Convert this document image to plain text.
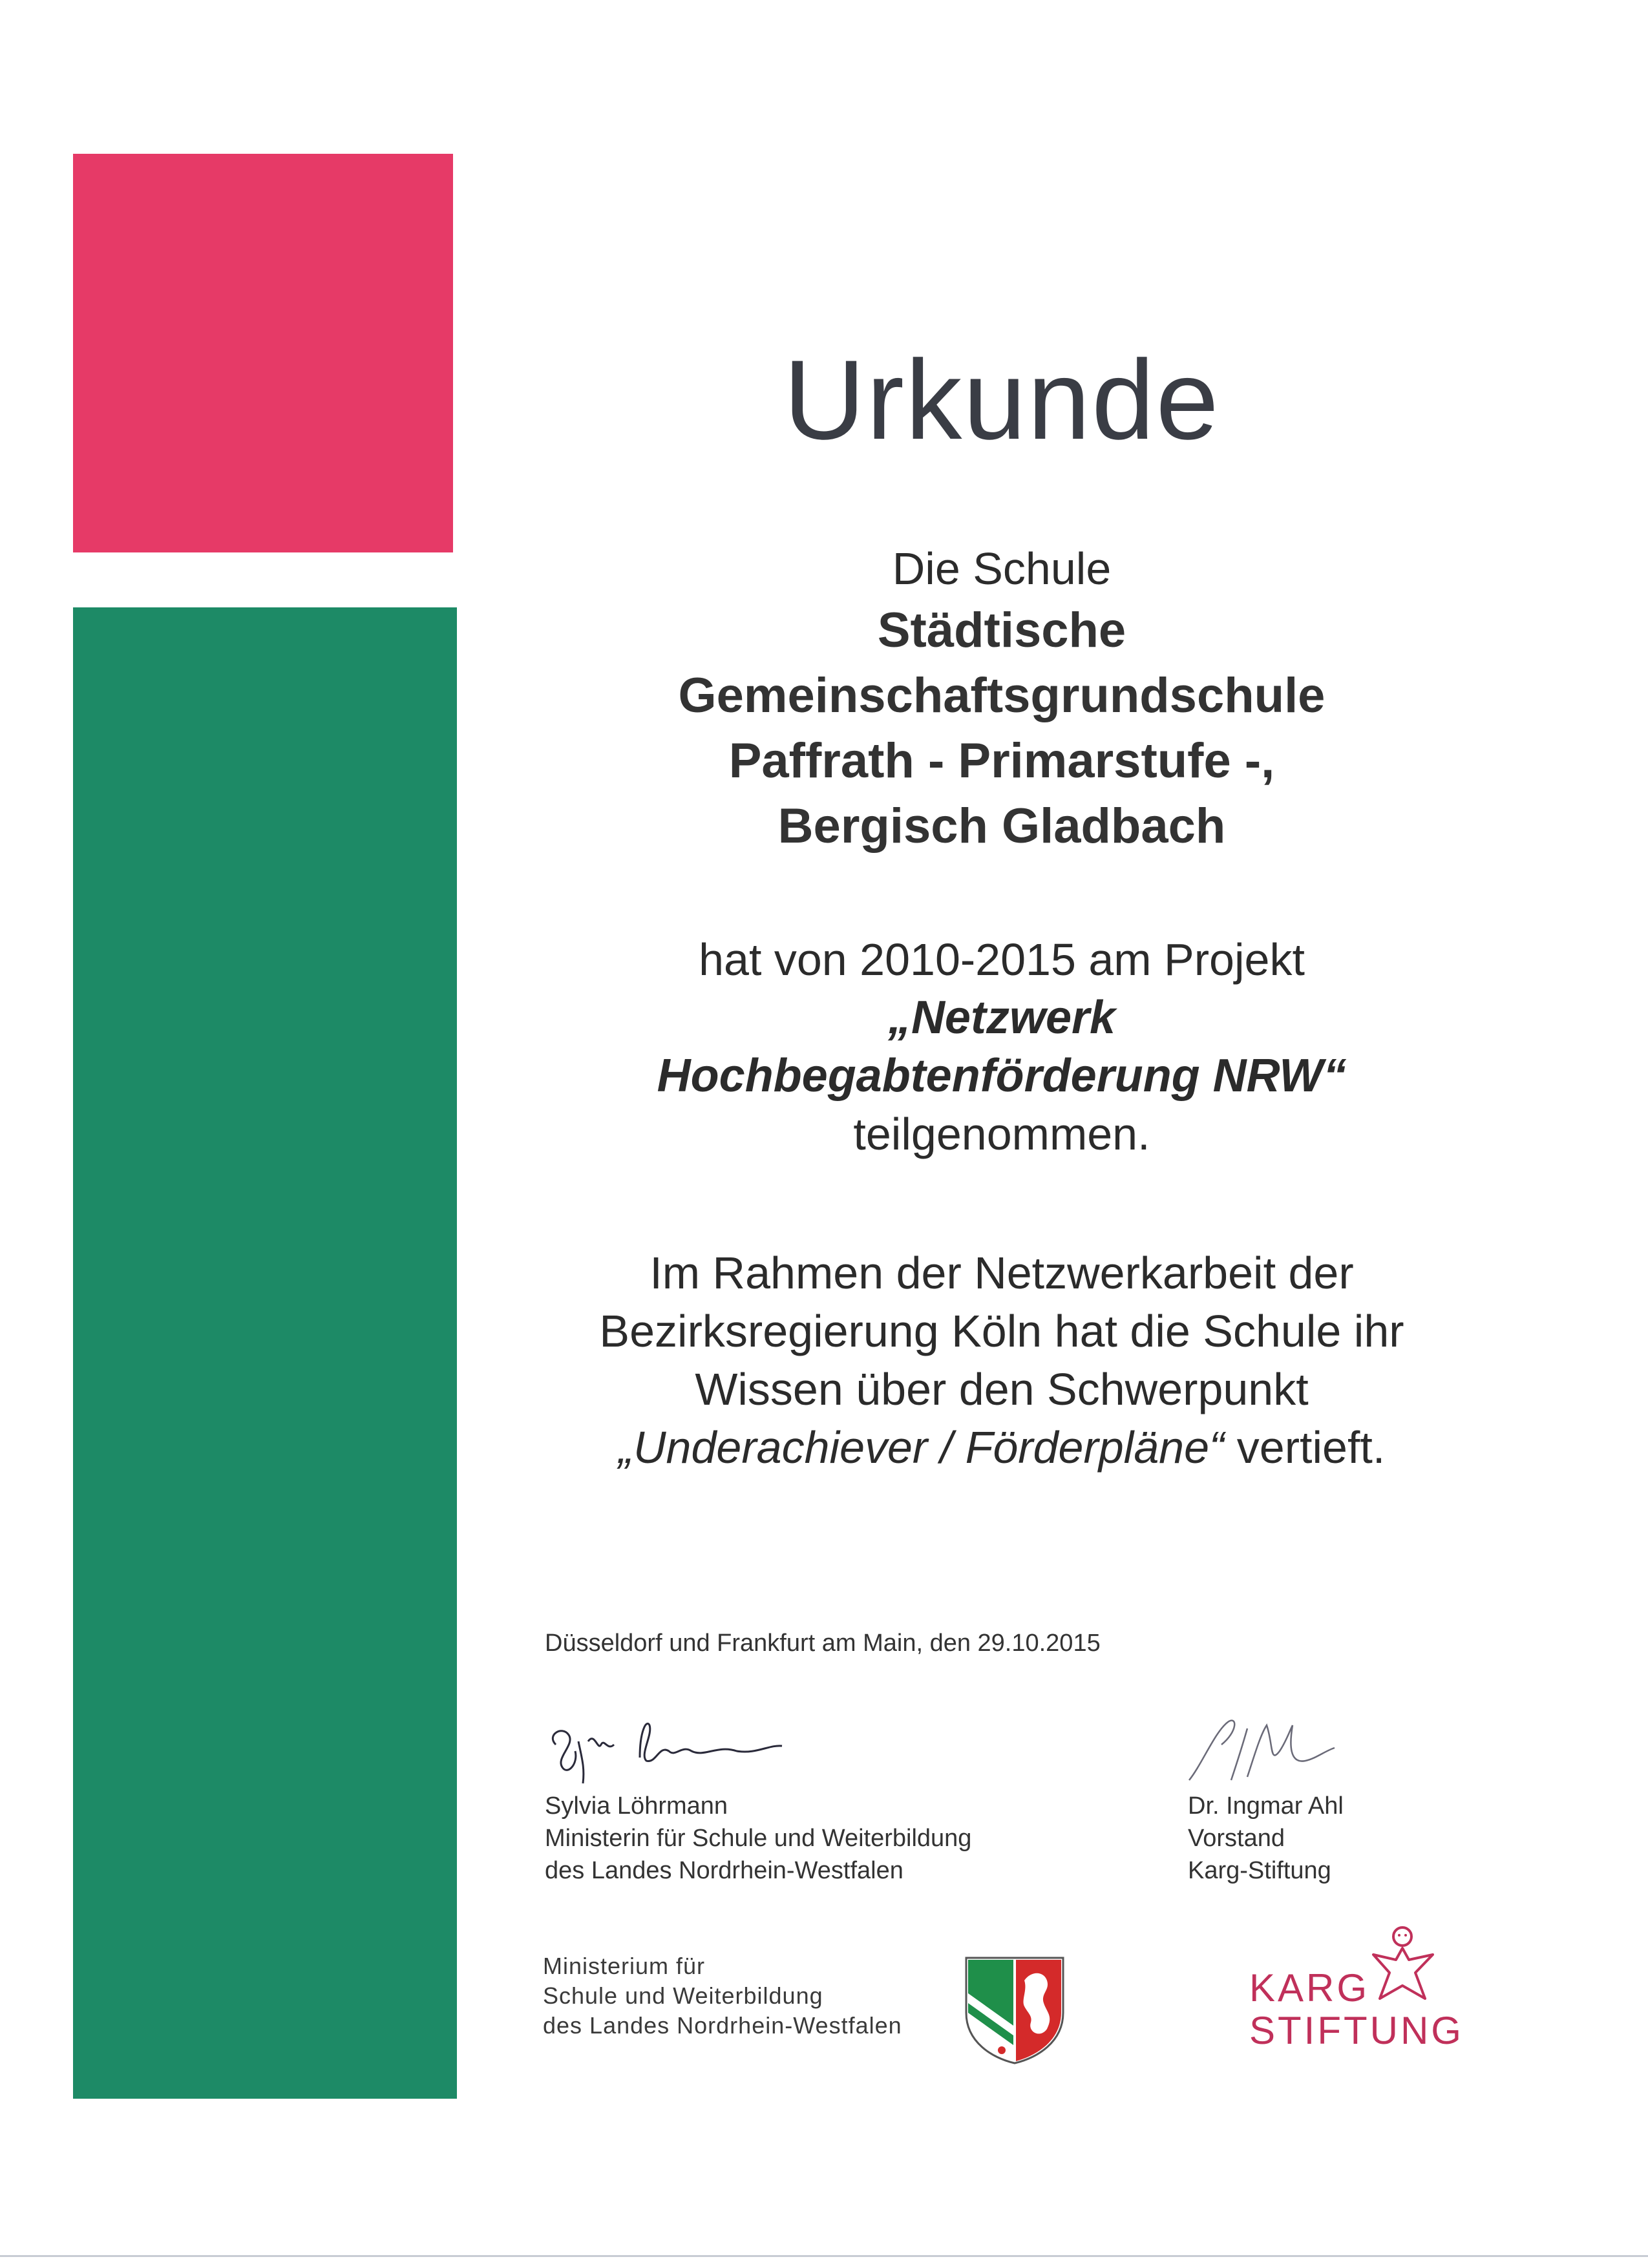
Urkunde
Die Schule
Städtische
Gemeinschaftsgrundschule
Paffrath - Primarstufe -,
Bergisch Gladbach
hat von 2010-2015 am Projekt
„Netzwerk
Hochbegabtenförderung NRW“
teilgenommen.
Im Rahmen der Netzwerkarbeit der
Bezirksregierung Köln hat die Schule ihr
Wissen über den Schwerpunkt
„Underachiever / Förderpläne“ vertieft.
Düsseldorf und Frankfurt am Main, den 29.10.2015
Sylvia Löhrmann
Ministerin für Schule und Weiterbildung
des Landes Nordrhein-Westfalen
Dr. Ingmar Ahl
Vorstand
Karg-Stiftung
Ministerium für
Schule und Weiterbildung
des Landes Nordrhein-Westfalen
KARG
STIFTUNG
